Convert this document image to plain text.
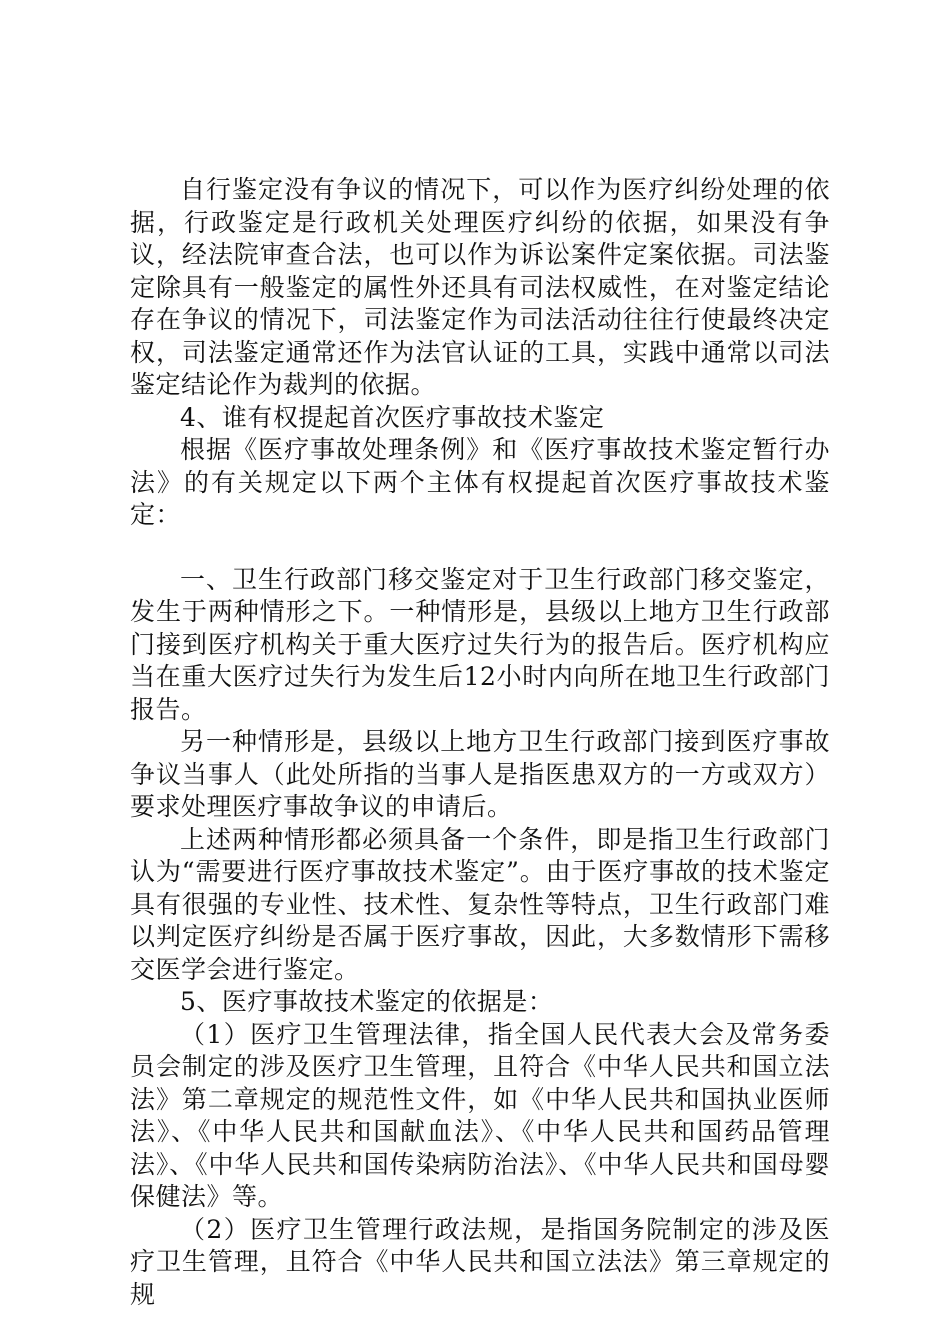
自行鉴定没有争议的情况下，可以作为医疗纠纷处理的依据，行政鉴定是行政机关处理医疗纠纷的依据，如果没有争议，经法院审查合法，也可以作为诉讼案件定案依据。司法鉴定除具有一般鉴定的属性外还具有司法权威性，在对鉴定结论存在争议的情况下，司法鉴定作为司法活动往往行使最终决定权，司法鉴定通常还作为法官认证的工具，实践中通常以司法鉴定结论作为裁判的依据。

4、谁有权提起首次医疗事故技术鉴定

根据《医疗事故处理条例》和《医疗事故技术鉴定暂行办法》的有关规定以下两个主体有权提起首次医疗事故技术鉴定：

一、卫生行政部门移交鉴定对于卫生行政部门移交鉴定，发生于两种情形之下。一种情形是，县级以上地方卫生行政部门接到医疗机构关于重大医疗过失行为的报告后。医疗机构应当在重大医疗过失行为发生后12小时内向所在地卫生行政部门报告。

另一种情形是，县级以上地方卫生行政部门接到医疗事故争议当事人（此处所指的当事人是指医患双方的一方或双方）要求处理医疗事故争议的申请后。

上述两种情形都必须具备一个条件，即是指卫生行政部门认为“需要进行医疗事故技术鉴定”。由于医疗事故的技术鉴定具有很强的专业性、技术性、复杂性等特点，卫生行政部门难以判定医疗纠纷是否属于医疗事故，因此，大多数情形下需移交医学会进行鉴定。

5、医疗事故技术鉴定的依据是：

（1）医疗卫生管理法律，指全国人民代表大会及常务委员会制定的涉及医疗卫生管理，且符合《中华人民共和国立法法》第二章规定的规范性文件，如《中华人民共和国执业医师法》、《中华人民共和国献血法》、《中华人民共和国药品管理法》、《中华人民共和国传染病防治法》、《中华人民共和国母婴保健法》等。

（2）医疗卫生管理行政法规，是指国务院制定的涉及医疗卫生管理，且符合《中华人民共和国立法法》第三章规定的规
